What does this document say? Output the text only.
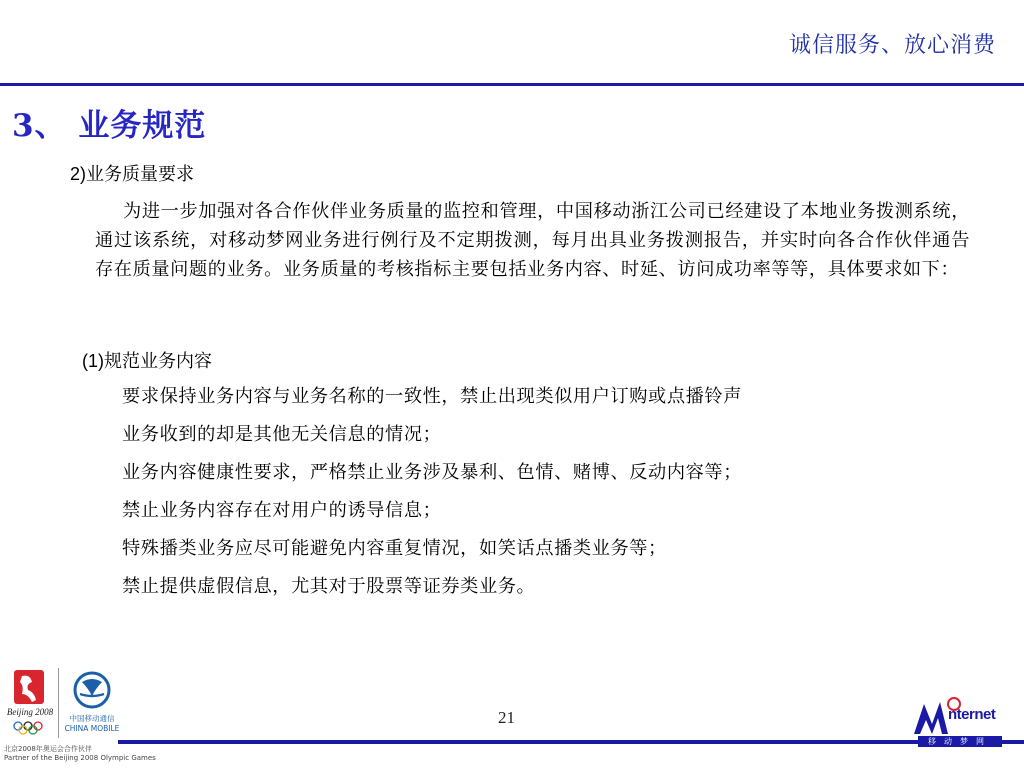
诚信服务、放心消费
3、 业务规范
2)业务质量要求

为进一步加强对各合作伙伴业务质量的监控和管理，中国移动浙江公司已经建设了本地业务拨测系统，通过该系统，对移动梦网业务进行例行及不定期拨测，每月出具业务拨测报告，并实时向各合作伙伴通告存在质量问题的业务。业务质量的考核指标主要包括业务内容、时延、访问成功率等等，具体要求如下：

(1)规范业务内容
要求保持业务内容与业务名称的一致性，禁止出现类似用户订购或点播铃声
业务收到的却是其他无关信息的情况；
业务内容健康性要求，严格禁止业务涉及暴利、色情、赌博、反动内容等；
禁止业务内容存在对用户的诱导信息；
特殊播类业务应尽可能避免内容重复情况，如笑话点播类业务等；
禁止提供虚假信息，尤其对于股票等证券类业务。
Beijing 2008
中国移动通信
CHINA MOBILE
北京2008年奥运会合作伙伴
Partner of the Beijing 2008 Olympic Games
21	nternet
移动梦网
